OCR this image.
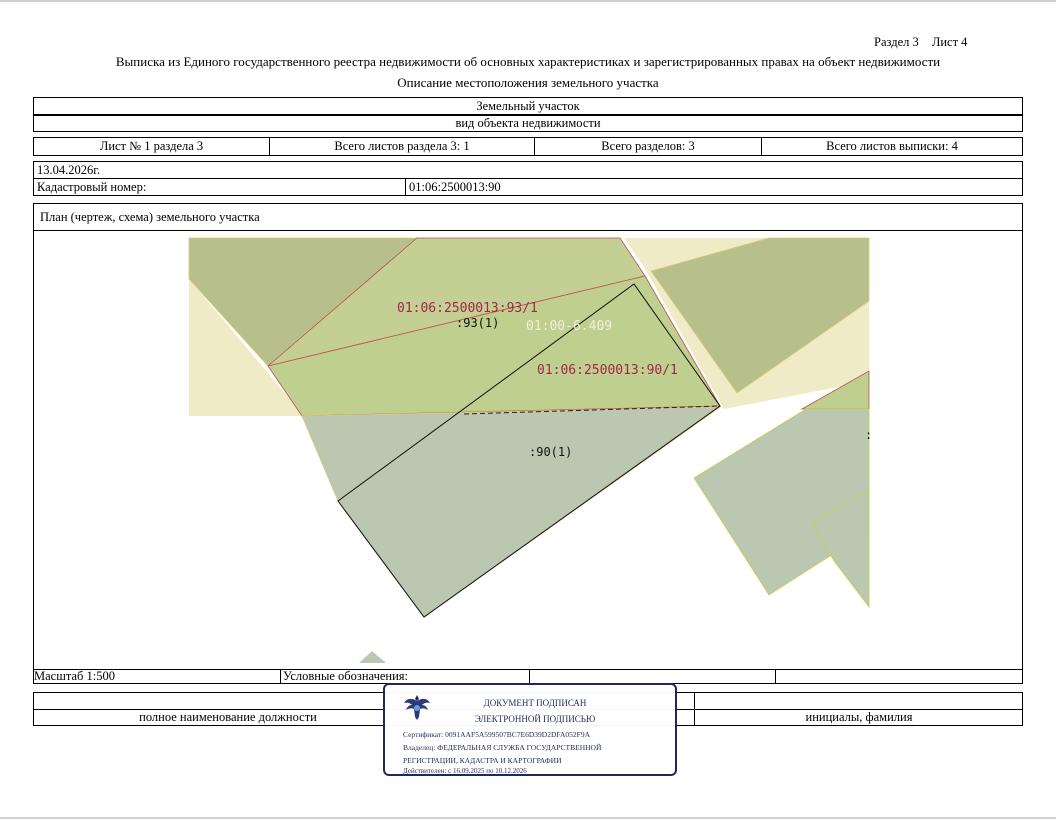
Раздел 3 Лист 4
Выписка из Единого государственного реестра недвижимости об основных характеристиках и зарегистрированных правах на объект недвижимости
Описание местоположения земельного участка
Земельный участок
вид объекта недвижимости
Лист № 1 раздела 3	Всего листов раздела 3: 1	Всего разделов: 3	Всего листов выписки: 4
13.04.2026г.
Кадастровый номер:	01:06:2500013:90
План (чертеж, схема) земельного участка
01:06:2500013:93/1
:93(1) 01:00-6.409
01:06:2500013:90/1
:90(1)
:
Масштаб 1:500	Условные обозначения:
полное наименование должности	инициалы, фамилия
ДОКУМЕНТ ПОДПИСАН
ЭЛЕКТРОННОЙ ПОДПИСЬЮ
Сертификат: 0091AAF5A599507BC7E6D39D2DFA052F9A
Владелец: ФЕДЕРАЛЬНАЯ СЛУЖБА ГОСУДАРСТВЕННОЙ
РЕГИСТРАЦИИ, КАДАСТРА И КАРТОГРАФИИ
Действителен: с 16.09.2025 по 10.12.2026
